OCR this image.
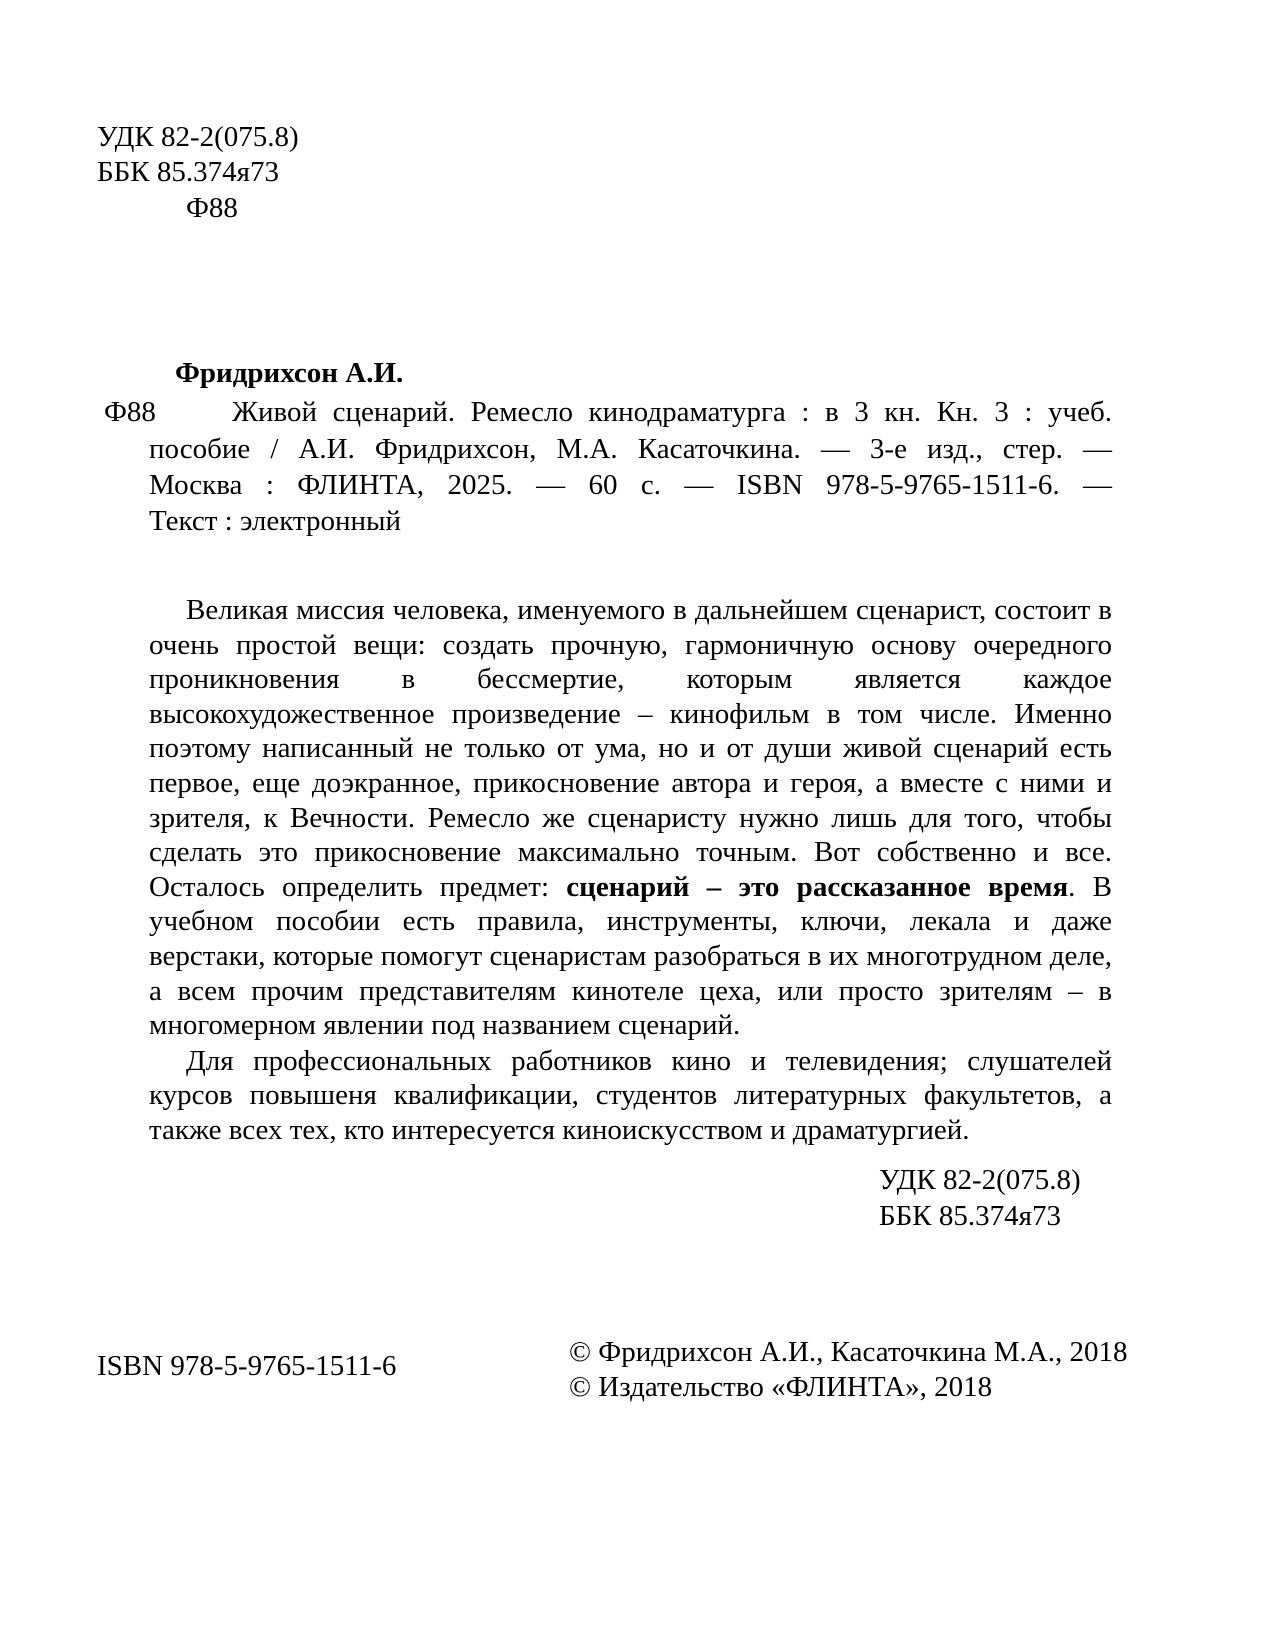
УДК 82-2(075.8)
ББК 85.374я73
Ф88
Фридрихсон А.И.
Ф88	Живой сценарий. Ремесло кинодраматурга : в 3 кн. Кн. 3 : учеб.
пособие / А.И. Фридрихсон, М.А. Касаточкина. — 3-е изд., стер. —
Москва : ФЛИНТА, 2025. — 60 с. — ISBN 978-5-9765-1511-6. —
Текст : электронный

Великая миссия человека, именуемого в дальнейшем сценарист, состоит в очень простой вещи: создать прочную, гармоничную основу очередного проникновения в бессмертие, которым является каждое высокохудожественное произведение – кинофильм в том числе. Именно поэтому написанный не только от ума, но и от души живой сценарий есть первое, еще доэкранное, прикосновение автора и героя, а вместе с ними и зрителя, к Вечности. Ремесло же сценаристу нужно лишь для того, чтобы сделать это прикосновение максимально точным. Вот собственно и все. Осталось определить предмет: сценарий – это рассказанное время. В учебном пособии есть правила, инструменты, ключи, лекала и даже верстаки, которые помогут сценаристам разобраться в их многотрудном деле, а всем прочим представителям кинотеле цеха, или просто зрителям – в многомерном явлении под названием сценарий.

Для профессиональных работников кино и телевидения; слушателей курсов повышеня квалификации, студентов литературных факультетов, а также всех тех, кто интересуется киноискусством и драматургией.

УДК 82-2(075.8)
ББК 85.374я73
ISBN 978-5-9765-1511-6	© Фридрихсон А.И., Касаточкина М.А., 2018
© Издательство «ФЛИНТА», 2018
